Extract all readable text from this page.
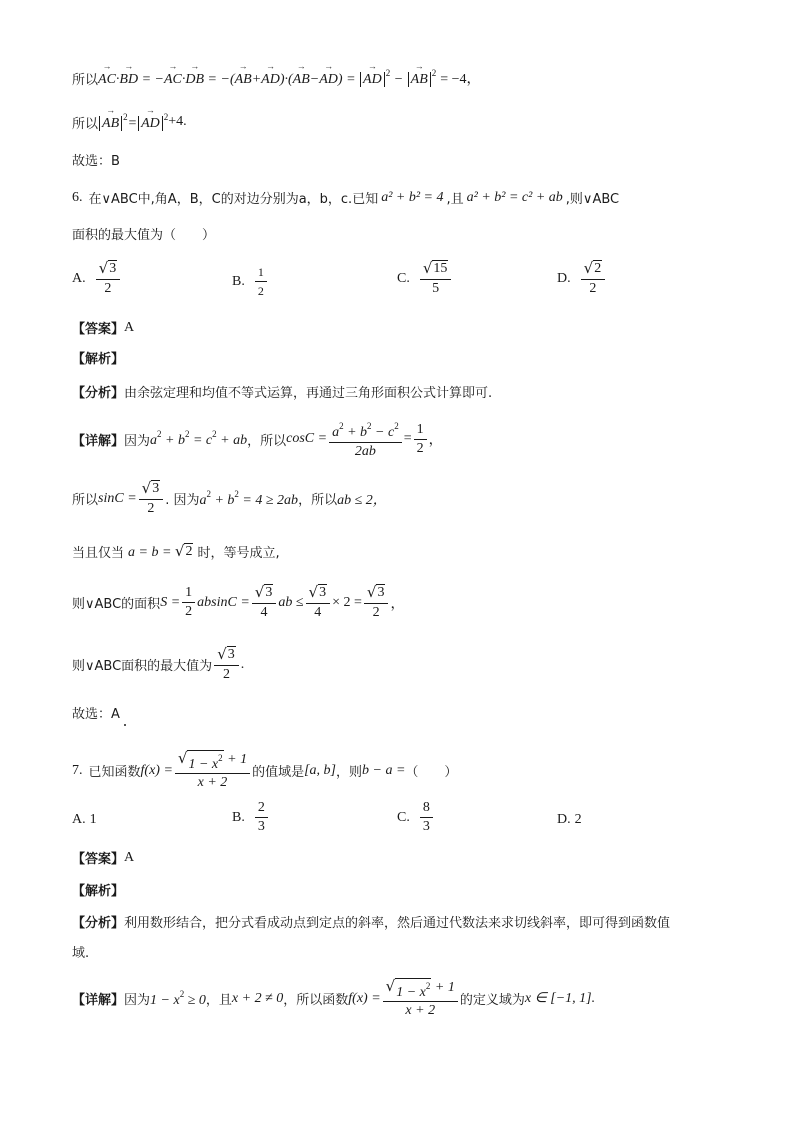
所以 → AC·→ BD = −→ AC·→ DB = −(→ AB+→ AD)·(→ AB−→ AD) = → AD $^2$ − → AB $^2$ = −4，
所以 → AB $^2$= → AD $^2$ +4.
故选：B
6. 在∨ABC中,角A，B，C的对边分别为a，b，c.已知 a² + b² = 4 ,且 a² + b² = c² + ab ,则∨ABC
面积的最大值为（　　）
A. $\frac{√ 3}{2}$	B. $\frac{1}{2}$	C. $\frac{√ 15}{5}$	D. $\frac{√ 2}{2}$
【答案】 A
【解析】
【分析】 由余弦定理和均值不等式运算，再通过三角形面积公式计算即可.
【详解】 因为 $a^2 + b^2 = c^2$ + ab ，所以 $\cos C = \frac{a^2 + b^2 - c^2}{2ab} = \frac{1}{2}$ ，
所以 $\sin C = \frac{√ 3}{2}$ . 因为 $a^2 + b^2 = 4 \ge 2ab$ ，所以 ab ≤ 2，
当且仅当 a = b = √ 2 时，等号成立,
则∨ABC的面积 $S = \frac{1}{2}$ $absinC = \frac{√ 3}{4}$ ab ≤ $\frac{√ 3}{4} \times 2 = \frac{√ 3}{2}$ ，
则∨ABC面积的最大值为 $\frac{√ 3}{2}$ .
故选：A
7. 已知函数 $f(x) = \frac{√ 1 - x^2 + 1}{x + 2}$ 的值域是 [a, b] ，则 b − a = （　　）
A. 1	B. $\frac{2}{3}$	C. $\frac{8}{3}$	D. 2
【答案】 A
【解析】
【分析】 利用数形结合，把分式看成动点到定点的斜率，然后通过代数法来求切线斜率，即可得到函数值
域.
【详解】 因为 $1 - x^2 \ge 0$ ，且 x + 2 ≠ 0 ，所以函数 $f(x) = \frac{√ 1 - x^2 + 1}{x + 2}$ 的定义域为 x ∈ [−1, 1].
